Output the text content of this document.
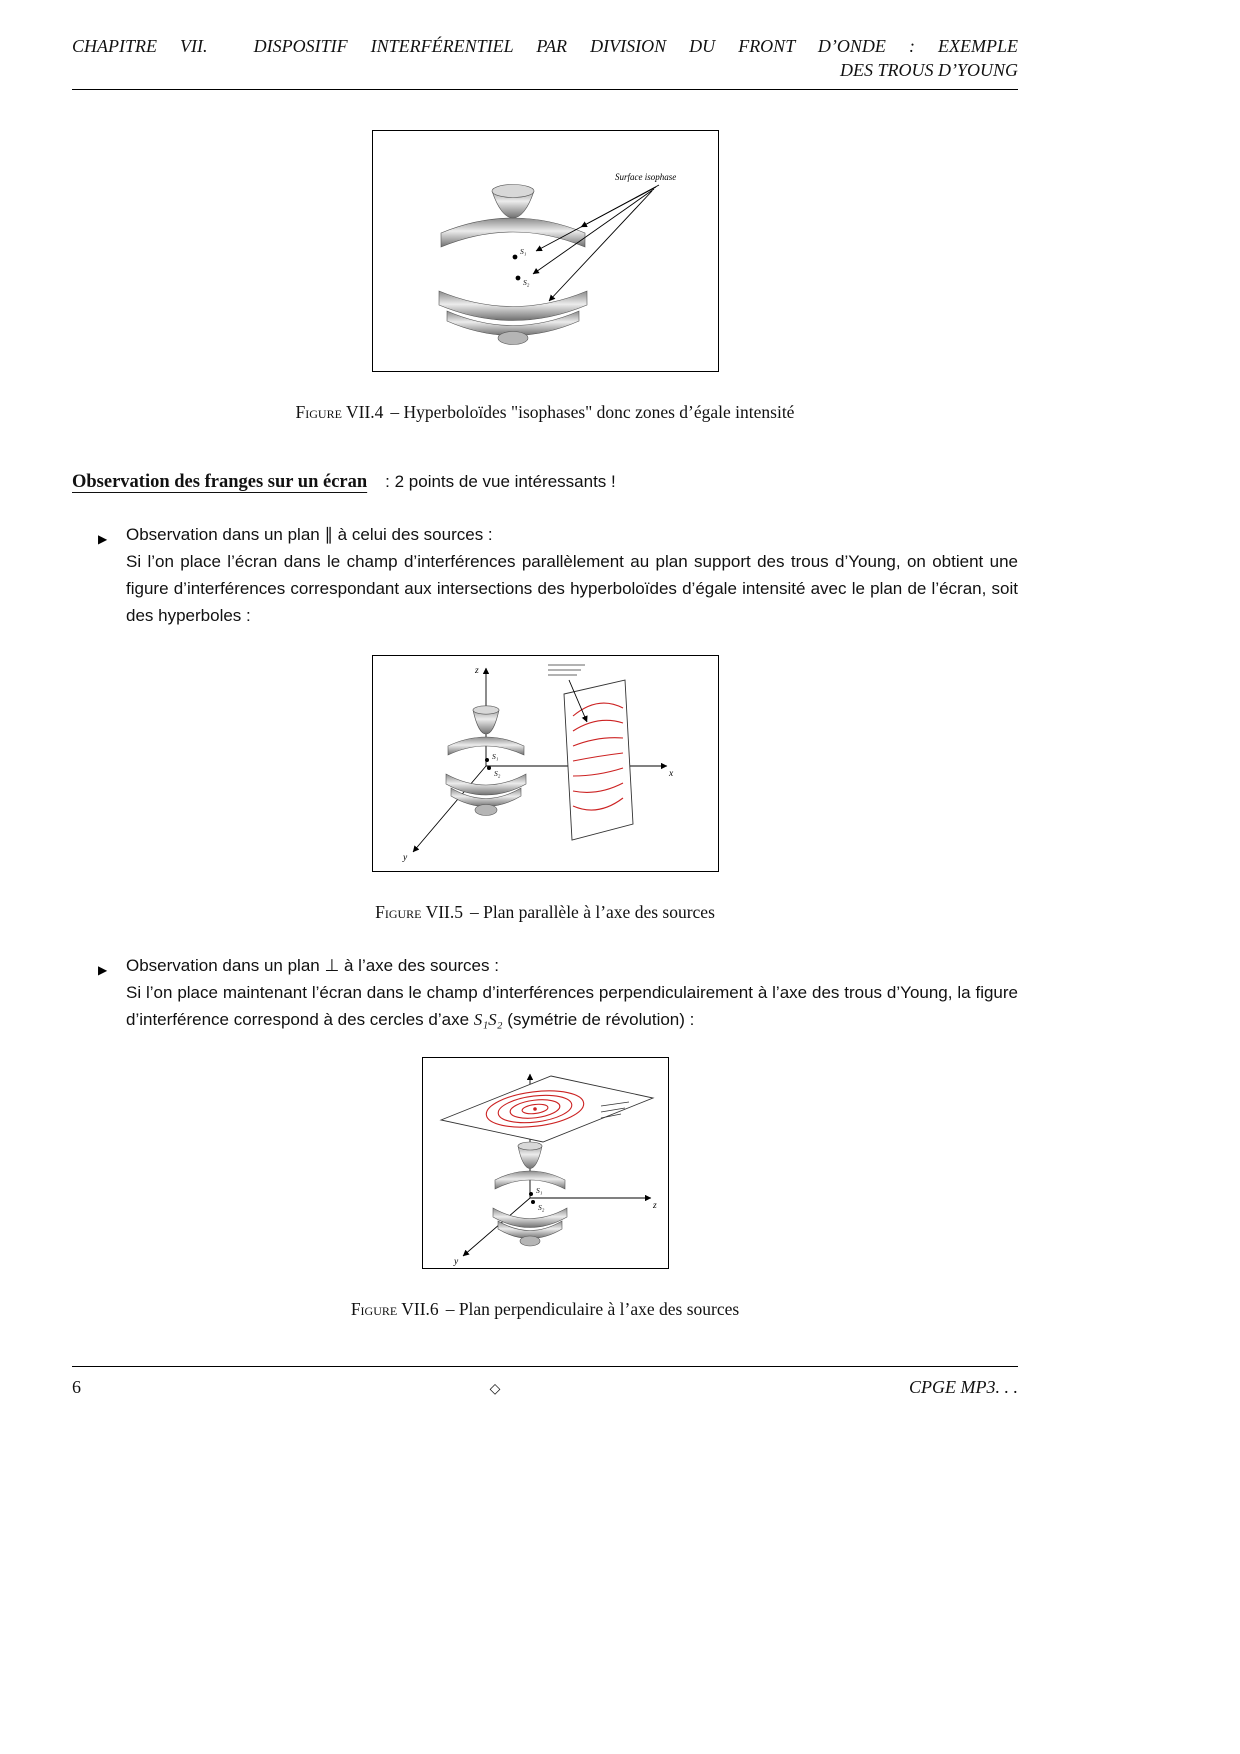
CHAPITRE VII.  DISPOSITIF INTERFÉRENTIEL PAR DIVISION DU FRONT D’ONDE : EXEMPLE
DES TROUS D’YOUNG
S₁
S₂
Surface isophase
Figure VII.4 – Hyperboloïdes "isophases" donc zones d’égale intensité
Observation des franges sur un écran : 2 points de vue intéressants !
▶ Observation dans un plan ∥ à celui des sources :
Si l’on place l’écran dans le champ d’interférences parallèlement au plan support des trous d’Young, on obtient une figure d’interférences correspondant aux intersections des hyperboloïdes d’égale intensité avec le plan de l’écran, soit des hyperboles :
z
x
y
S₁
S₂
Figure VII.5 – Plan parallèle à l’axe des sources
▶ Observation dans un plan ⊥ à l’axe des sources :
Si l’on place maintenant l’écran dans le champ d’interférences perpendiculairement à l’axe des trous d’Young, la figure d’interférence correspond à des cercles d’axe S₁S₂ (symétrie de révolution) :
z
y
S₁
S₂
Figure VII.6 – Plan perpendiculaire à l’axe des sources
6	◇	CPGE MP3. . .
